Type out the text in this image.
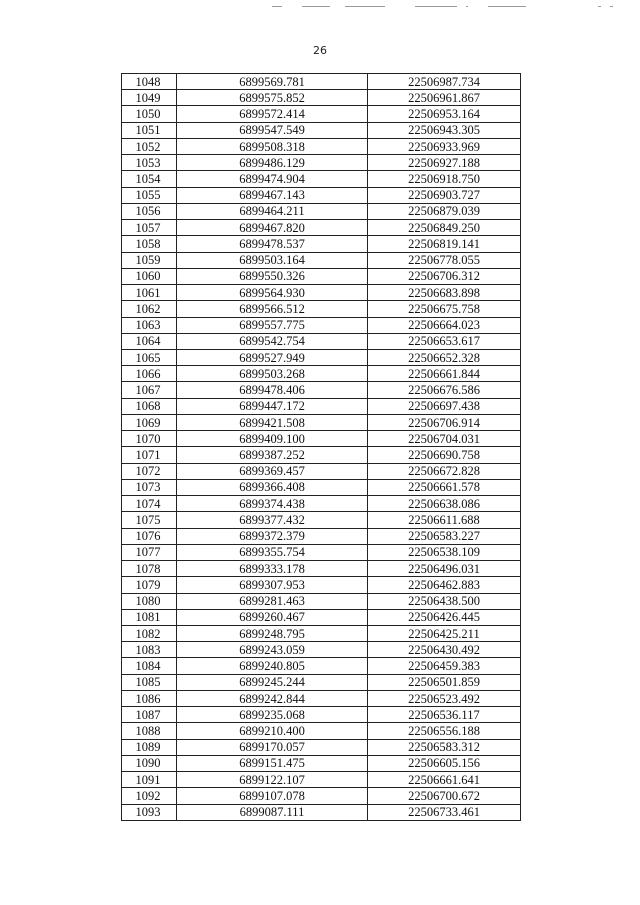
26
1048	6899569.781	22506987.734
1049	6899575.852	22506961.867
1050	6899572.414	22506953.164
1051	6899547.549	22506943.305
1052	6899508.318	22506933.969
1053	6899486.129	22506927.188
1054	6899474.904	22506918.750
1055	6899467.143	22506903.727
1056	6899464.211	22506879.039
1057	6899467.820	22506849.250
1058	6899478.537	22506819.141
1059	6899503.164	22506778.055
1060	6899550.326	22506706.312
1061	6899564.930	22506683.898
1062	6899566.512	22506675.758
1063	6899557.775	22506664.023
1064	6899542.754	22506653.617
1065	6899527.949	22506652.328
1066	6899503.268	22506661.844
1067	6899478.406	22506676.586
1068	6899447.172	22506697.438
1069	6899421.508	22506706.914
1070	6899409.100	22506704.031
1071	6899387.252	22506690.758
1072	6899369.457	22506672.828
1073	6899366.408	22506661.578
1074	6899374.438	22506638.086
1075	6899377.432	22506611.688
1076	6899372.379	22506583.227
1077	6899355.754	22506538.109
1078	6899333.178	22506496.031
1079	6899307.953	22506462.883
1080	6899281.463	22506438.500
1081	6899260.467	22506426.445
1082	6899248.795	22506425.211
1083	6899243.059	22506430.492
1084	6899240.805	22506459.383
1085	6899245.244	22506501.859
1086	6899242.844	22506523.492
1087	6899235.068	22506536.117
1088	6899210.400	22506556.188
1089	6899170.057	22506583.312
1090	6899151.475	22506605.156
1091	6899122.107	22506661.641
1092	6899107.078	22506700.672
1093	6899087.111	22506733.461
